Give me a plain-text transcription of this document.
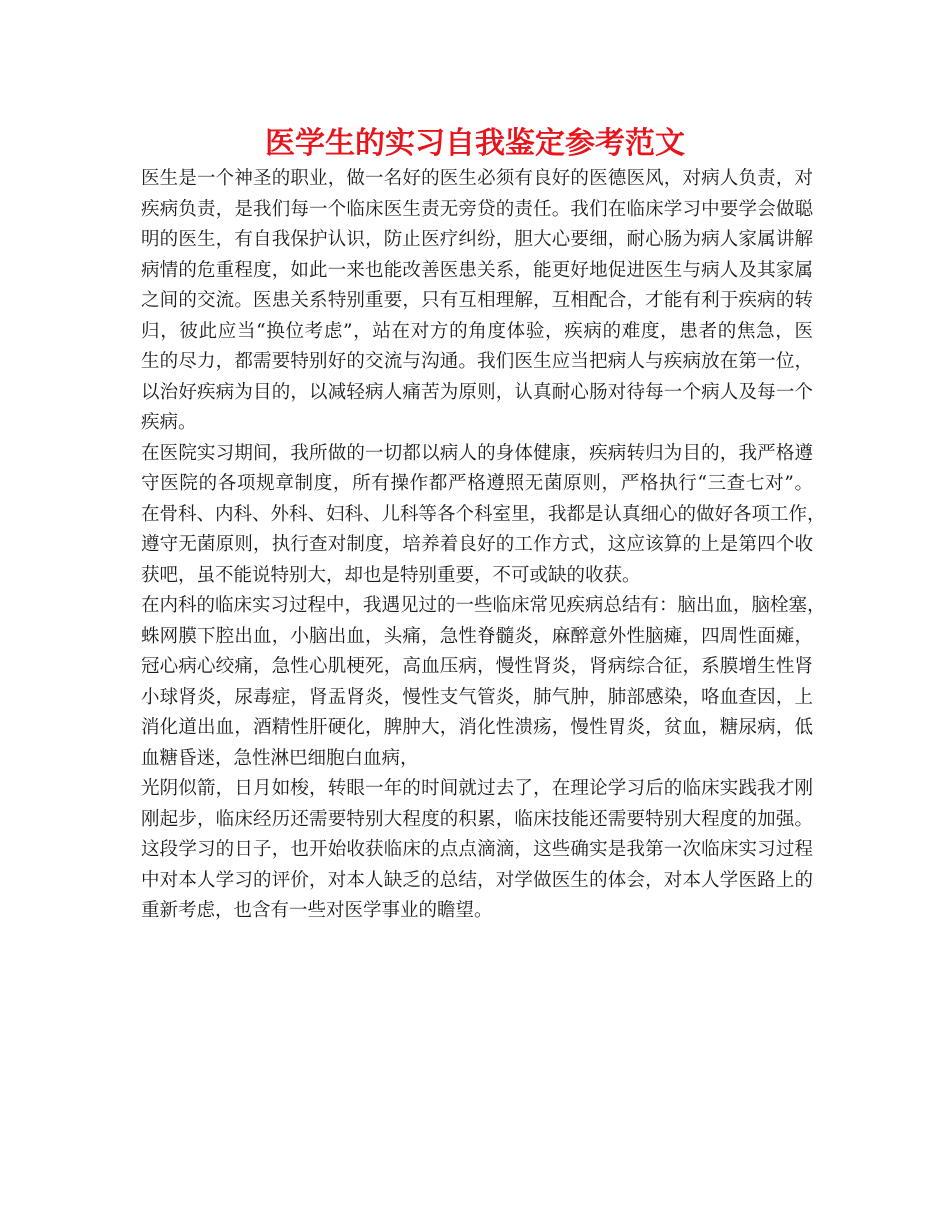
医学生的实习自我鉴定参考范文
医生是一个神圣的职业，做一名好的医生必须有良好的医德医风，对病人负责，对
疾病负责，是我们每一个临床医生责无旁贷的责任。我们在临床学习中要学会做聪
明的医生，有自我保护认识，防止医疗纠纷，胆大心要细，耐心肠为病人家属讲解
病情的危重程度，如此一来也能改善医患关系，能更好地促进医生与病人及其家属
之间的交流。医患关系特别重要，只有互相理解，互相配合，才能有利于疾病的转
归，彼此应当“换位考虑”，站在对方的角度体验，疾病的难度，患者的焦急，医
生的尽力，都需要特别好的交流与沟通。我们医生应当把病人与疾病放在第一位，
以治好疾病为目的，以减轻病人痛苦为原则，认真耐心肠对待每一个病人及每一个
疾病。
在医院实习期间，我所做的一切都以病人的身体健康，疾病转归为目的，我严格遵
守医院的各项规章制度，所有操作都严格遵照无菌原则，严格执行“三查七对”。
在骨科、内科、外科、妇科、儿科等各个科室里，我都是认真细心的做好各项工作，
遵守无菌原则，执行查对制度，培养着良好的工作方式，这应该算的上是第四个收
获吧，虽不能说特别大，却也是特别重要，不可或缺的收获。
在内科的临床实习过程中，我遇见过的一些临床常见疾病总结有：脑出血，脑栓塞，
蛛网膜下腔出血，小脑出血，头痛，急性脊髓炎，麻醉意外性脑瘫，四周性面瘫，
冠心病心绞痛，急性心肌梗死，高血压病，慢性肾炎，肾病综合征，系膜增生性肾
小球肾炎，尿毒症，肾盂肾炎，慢性支气管炎，肺气肿，肺部感染，咯血查因，上
消化道出血，酒精性肝硬化，脾肿大，消化性溃疡，慢性胃炎，贫血，糖尿病，低
血糖昏迷，急性淋巴细胞白血病，
光阴似箭，日月如梭，转眼一年的时间就过去了，在理论学习后的临床实践我才刚
刚起步，临床经历还需要特别大程度的积累，临床技能还需要特别大程度的加强。
这段学习的日子，也开始收获临床的点点滴滴，这些确实是我第一次临床实习过程
中对本人学习的评价，对本人缺乏的总结，对学做医生的体会，对本人学医路上的
重新考虑，也含有一些对医学事业的瞻望。
